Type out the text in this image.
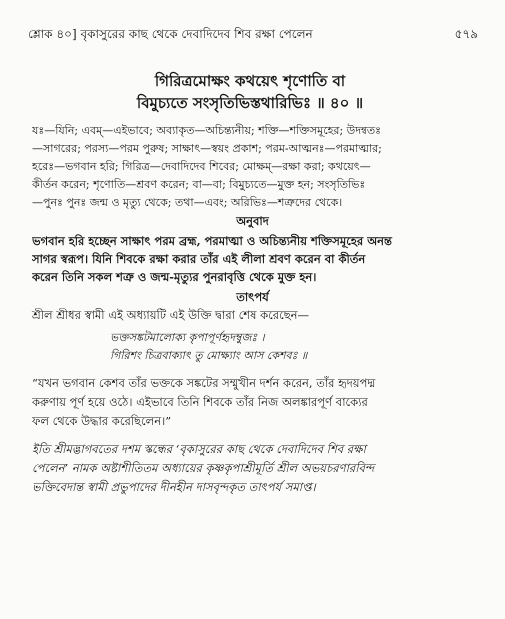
শ্লোক ৪০] বৃকাসুরের কাছ থেকে দেবাদিদেব শিব রক্ষা পেলেন	৫৭৯
গিরিত্রমোক্ষং কথয়েৎ শৃণোতি বা
বিমুচ্যতে সংসৃতিভিস্তথারিভিঃ ॥ ৪০ ॥
যঃ—যিনি; এবম্—এইভাবে; অব্যাকৃত—অচিন্ত্যনীয়; শক্তি—শক্তিসমূহের; উদন্বতঃ
—সাগরের; পরস্য—পরম পুরুষ; সাক্ষাৎ—স্বয়ং প্রকাশ; পরম-আত্মনঃ—পরমাত্মার;
হরেঃ—ভগবান হরি; গিরিত্র—দেবাদিদেব শিবের; মোক্ষম্—রক্ষা করা; কথয়েৎ—
কীর্তন করেন; শৃণোতি—শ্রবণ করেন; বা—বা; বিমুচ্যতে—মুক্ত হন; সংসৃতিভিঃ
—পুনঃ পুনঃ জন্ম ও মৃত্যু থেকে; তথা—এবং; অরিভিঃ—শত্রুদের থেকে।
অনুবাদ
ভগবান হরি হচ্ছেন সাক্ষাৎ পরম ব্রহ্ম, পরমাত্মা ও অচিন্ত্যনীয় শক্তিসমূহের অনন্ত
সাগর স্বরূপ। যিনি শিবকে রক্ষা করার তাঁর এই লীলা শ্রবণ করেন বা কীর্তন
করেন তিনি সকল শত্রু ও জন্ম-মৃত্যুর পুনরাবৃত্তি থেকে মুক্ত হন।
তাৎপর্য
শ্রীল শ্রীধর স্বামী এই অধ্যায়টি এই উক্তি দ্বারা শেষ করেছেন—
ভক্তসঙ্কটমালোক্য কৃপাপূর্ণহৃদম্বুজঃ ।
গিরিশং চিত্রবাক্যাৎ তু মোক্ষ্যাং আস কেশবঃ ॥
“যখন ভগবান কেশব তাঁর ভক্তকে সঙ্কটের সম্মুখীন দর্শন করেন, তাঁর হৃদয়পদ্ম
করুণায় পূর্ণ হয়ে ওঠে। এইভাবে তিনি শিবকে তাঁর নিজ অলঙ্কারপূর্ণ বাক্যের
ফল থেকে উদ্ধার করেছিলেন।”
ইতি শ্রীমদ্ভাগবতের দশম স্কন্ধের ‘বৃকাসুরের কাছ থেকে দেবাদিদেব শিব রক্ষা
পেলেন’ নামক অষ্টাশীতিতম অধ্যায়ের কৃষ্ণকৃপাশ্রীমূর্তি শ্রীল অভয়চরণারবিন্দ
ভক্তিবেদান্ত স্বামী প্রভুপাদের দীনহীন দাসবৃন্দকৃত তাৎপর্য সমাপ্ত।
